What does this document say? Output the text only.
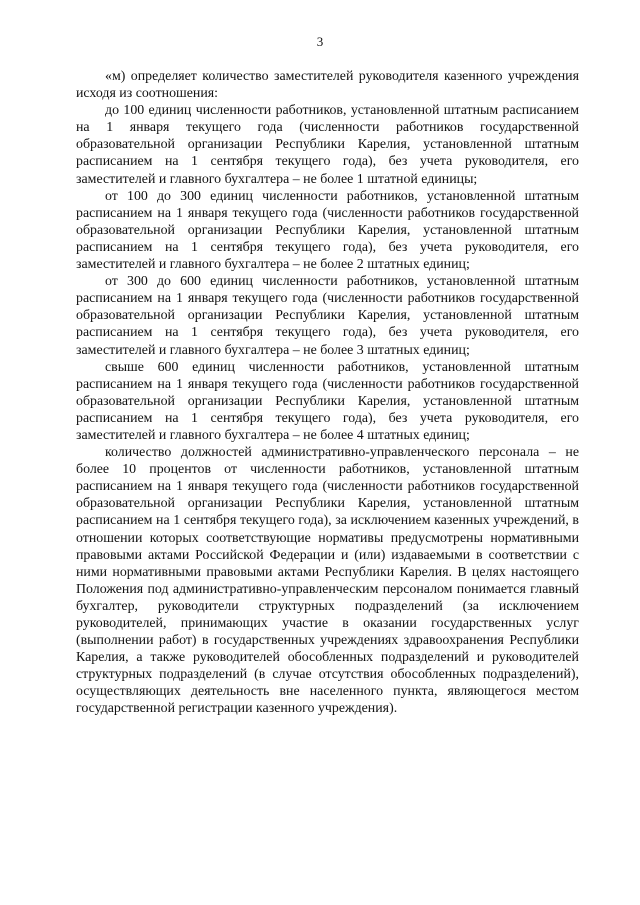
3

«м) определяет количество заместителей руководителя казенного учреждения исходя из соотношения:

до 100 единиц численности работников, установленной штатным расписанием на 1 января текущего года (численности работников государственной образовательной организации Республики Карелия, установленной штатным расписанием на 1 сентября текущего года), без учета руководителя, его заместителей и главного бухгалтера – не более 1 штатной единицы;

от 100 до 300 единиц численности работников, установленной штатным расписанием на 1 января текущего года (численности работников государственной образовательной организации Республики Карелия, установленной штатным расписанием на 1 сентября текущего года), без учета руководителя, его заместителей и главного бухгалтера – не более 2 штатных единиц;

от 300 до 600 единиц численности работников, установленной штатным расписанием на 1 января текущего года (численности работников государственной образовательной организации Республики Карелия, установленной штатным расписанием на 1 сентября текущего года), без учета руководителя, его заместителей и главного бухгалтера – не более 3 штатных единиц;

свыше 600 единиц численности работников, установленной штатным расписанием на 1 января текущего года (численности работников государственной образовательной организации Республики Карелия, установленной штатным расписанием на 1 сентября текущего года), без учета руководителя, его заместителей и главного бухгалтера – не более 4 штатных единиц;

количество должностей административно-управленческого персонала – не более 10 процентов от численности работников, установленной штатным расписанием на 1 января текущего года (численности работников государственной образовательной организации Республики Карелия, установленной штатным расписанием на 1 сентября текущего года), за исключением казенных учреждений, в отношении которых соответствующие нормативы предусмотрены нормативными правовыми актами Российской Федерации и (или) издаваемыми в соответствии с ними нормативными правовыми актами Республики Карелия. В целях настоящего Положения под административно-управленческим персоналом понимается главный бухгалтер, руководители структурных подразделений (за исключением руководителей, принимающих участие в оказании государственных услуг (выполнении работ) в государственных учреждениях здравоохранения Республики Карелия, а также руководителей обособленных подразделений и руководителей структурных подразделений (в случае отсутствия обособленных подразделений), осуществляющих деятельность вне населенного пункта, являющегося местом государственной регистрации казенного учреждения).
